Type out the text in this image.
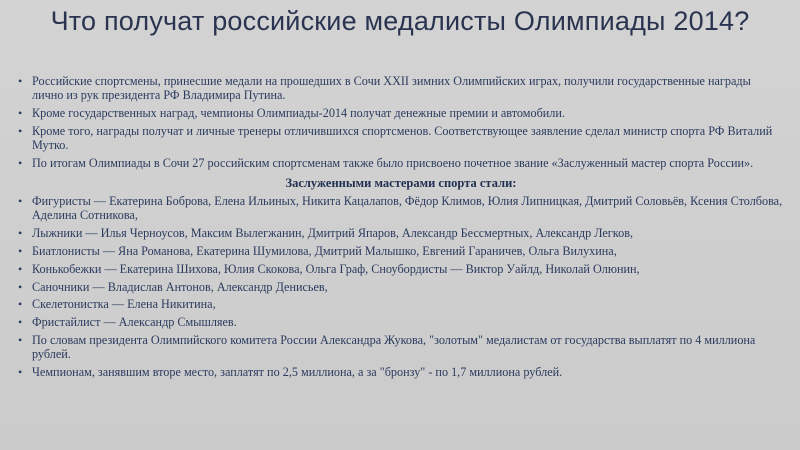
Что получат российские медалисты Олимпиады 2014?
• Российские спортсмены, принесшие медали на прошедших в Сочи XXII зимних Олимпийских играх, получили государственные награды лично из рук президента РФ Владимира Путина.
• Кроме государственных наград, чемпионы Олимпиады-2014 получат денежные премии и автомобили.
• Кроме того, награды получат и личные тренеры отличившихся спортсменов. Соответствующее заявление сделал министр спорта РФ Виталий Мутко.
• По итогам Олимпиады в Сочи 27 российским спортсменам также было присвоено почетное звание «Заслуженный мастер спорта России».
Заслуженными мастерами спорта стали:
• Фигуристы — Екатерина Боброва, Елена Ильиных, Никита Кацалапов, Фёдор Климов, Юлия Липницкая, Дмитрий Соловьёв, Ксения Столбова, Аделина Сотникова,
• Лыжники — Илья Черноусов, Максим Вылегжанин, Дмитрий Япаров, Александр Бессмертных, Александр Легков,
• Биатлонисты — Яна Романова, Екатерина Шумилова, Дмитрий Малышко, Евгений Гараничев, Ольга Вилухина,
• Конькобежки — Екатерина Шихова, Юлия Скокова, Ольга Граф, Сноубордисты — Виктор Уайлд, Николай Олюнин,
• Саночники — Владислав Антонов, Александр Денисьев,
• Скелетонистка — Елена Никитина,
• Фристайлист — Александр Смышляев.
• По словам президента Олимпийского комитета России Александра Жукова, "золотым" медалистам от государства выплатят по 4 миллиона рублей.
• Чемпионам, занявшим вторе место, заплатят по 2,5 миллиона, а за "бронзу" - по 1,7 миллиона рублей.
